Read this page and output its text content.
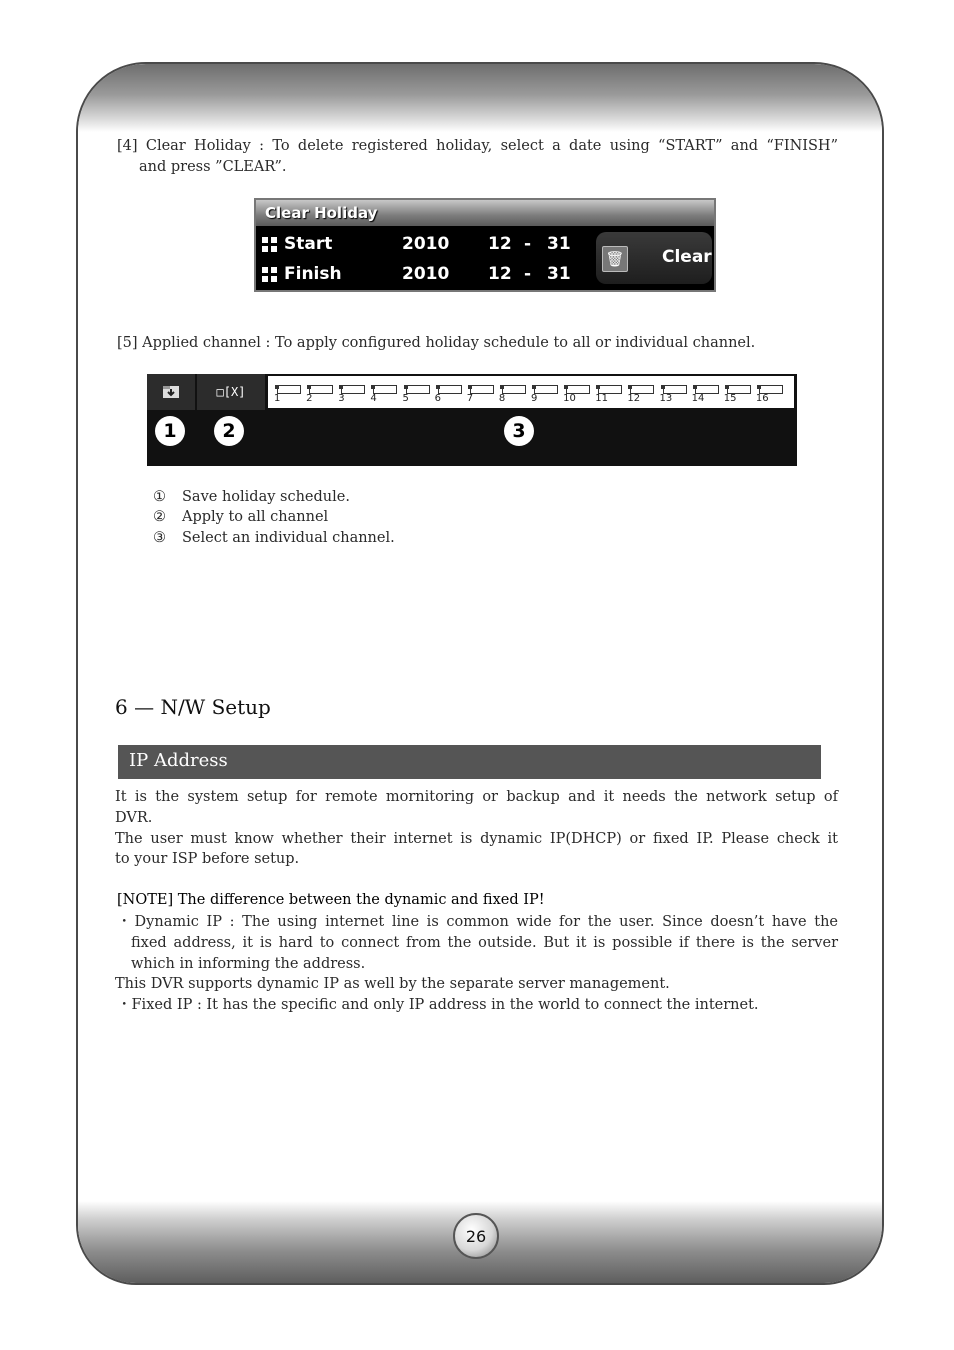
26
[4] Clear Holiday : To delete registered holiday, select a date using “START” and “FINISH”
and press ”CLEAR”.
Clear Holiday
Start	2010 12 - 31
Finish	2010 12 - 31
🗑 Clear
[5] Applied channel : To apply configured holiday schedule to all or individual channel.
□[X]	1	2	3	4	5	6	7	8	9	10 11 12 13 14 15 16
1	2	3
① Save holiday schedule.
② Apply to all channel
③ Select an individual channel.
6 — N/W Setup
IP Address
It is the system setup for remote mornitoring or backup and it needs the network setup of
DVR.
The user must know whether their internet is dynamic IP(DHCP) or fixed IP. Please check it
to your ISP before setup.
[NOTE] The difference between the dynamic and fixed IP!
・Dynamic IP : The using internet line is common wide for the user. Since doesn’t have the
fixed address, it is hard to connect from the outside. But it is possible if there is the server
which in informing the address.
This DVR supports dynamic IP as well by the separate server management.
・Fixed IP : It has the specific and only IP address in the world to connect the internet.
